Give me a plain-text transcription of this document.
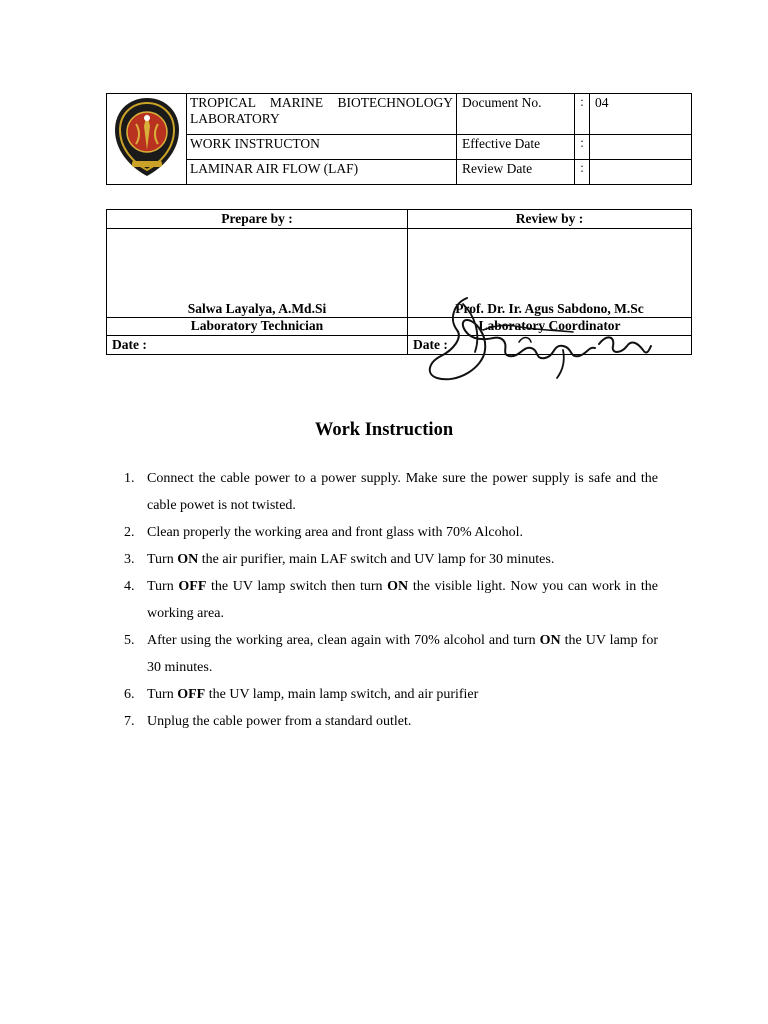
TROPICAL MARINE BIOTECHNOLOGY
LABORATORY	Document No.	:	04
	WORK INSTRUCTON	Effective Date	:	
	LAMINAR AIR FLOW (LAF)	Review Date	:	
Prepare by :	Review by :
Salwa Layalya, A.Md.Si	Prof. Dr. Ir. Agus Sabdono, M.Sc
Laboratory Technician	Laboratory Coordinator
Date :	Date :
Work Instruction
1. Connect the cable power to a power supply. Make sure the power supply is safe and the cable powet is not twisted.
2. Clean properly the working area and front glass with 70% Alcohol.
3. Turn ON the air purifier, main LAF switch and UV lamp for 30 minutes.
4. Turn OFF the UV lamp switch then turn ON the visible light. Now you can work in the working area.
5. After using the working area, clean again with 70% alcohol and turn ON the UV lamp for 30 minutes.
6. Turn OFF the UV lamp, main lamp switch, and air purifier
7. Unplug the cable power from a standard outlet.
